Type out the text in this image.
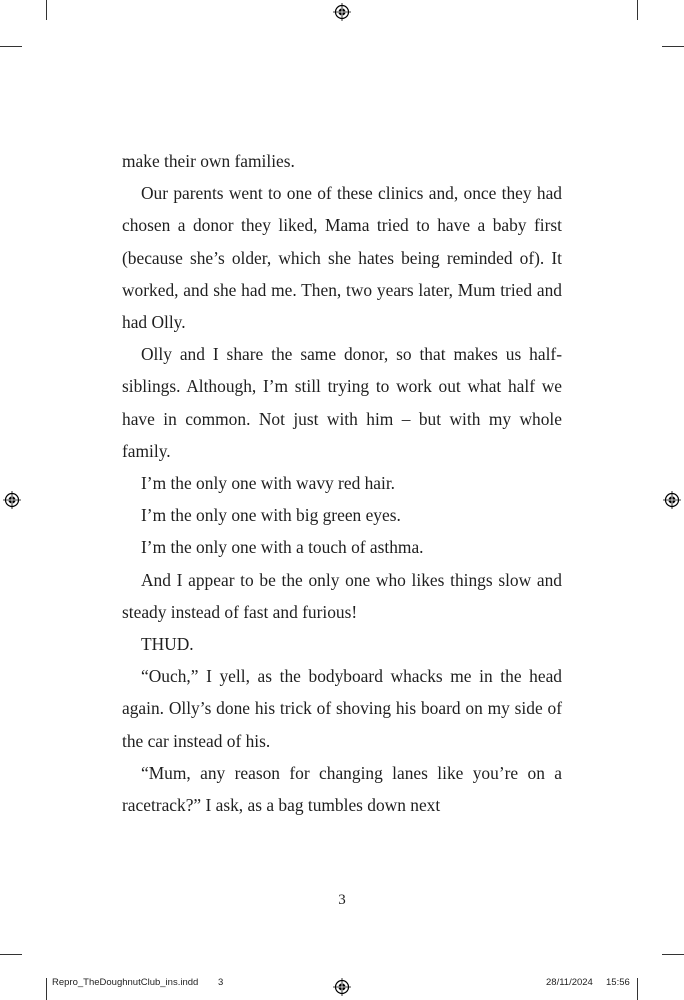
make their own families.

Our parents went to one of these clinics and, once they had chosen a donor they liked, Mama tried to have a baby first (because she’s older, which she hates being reminded of). It worked, and she had me. Then, two years later, Mum tried and had Olly.

Olly and I share the same donor, so that makes us half-siblings. Although, I’m still trying to work out what half we have in common. Not just with him – but with my whole family.

I’m the only one with wavy red hair.

I’m the only one with big green eyes.

I’m the only one with a touch of asthma.

And I appear to be the only one who likes things slow and steady instead of fast and furious!

THUD.

“Ouch,” I yell, as the bodyboard whacks me in the head again. Olly’s done his trick of shoving his board on my side of the car instead of his.

“Mum, any reason for changing lanes like you’re on a racetrack?” I ask, as a bag tumbles down next

3
Repro_TheDoughnutClub_ins.indd 3	28/11/2024 15:56
